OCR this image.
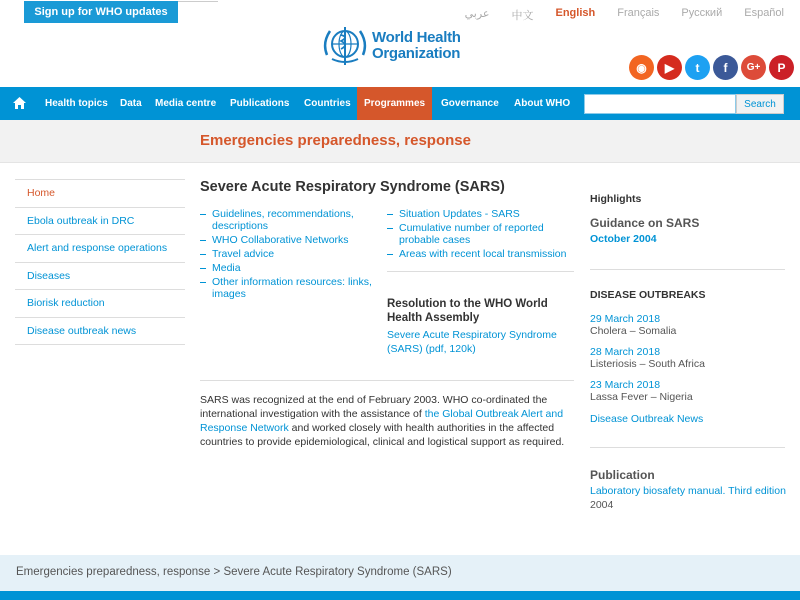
Sign up for WHO updates	عربي 中文 English Français Русский Español
World Health
Organization
◉	▶	t	f	G+	P
Health topics	Data	Media centre	Publications	Countries	Programmes	Governance	About WHO	Search
Emergencies preparedness, response
Home
Ebola outbreak in DRC
Alert and response operations
Diseases
Biorisk reduction
Disease outbreak news
Severe Acute Respiratory Syndrome (SARS)
Guidelines, recommendations, descriptions
WHO Collaborative Networks
Travel advice
Media
Other information resources: links, images
Situation Updates - SARS
Cumulative number of reported probable cases
Areas with recent local transmission
Resolution to the WHO World Health Assembly
Severe Acute Respiratory Syndrome (SARS) (pdf, 120k)

SARS was recognized at the end of February 2003. WHO co-ordinated the international investigation with the assistance of the Global Outbreak Alert and Response Network and worked closely with health authorities in the affected countries to provide epidemiological, clinical and logistical support as required.

Highlights
Guidance on SARS
October 2004
DISEASE OUTBREAKS
29 March 2018
Cholera – Somalia
28 March 2018
Listeriosis – South Africa
23 March 2018
Lassa Fever – Nigeria
Disease Outbreak News
Publication
Laboratory biosafety manual. Third edition
2004
Emergencies preparedness, response > Severe Acute Respiratory Syndrome (SARS)
